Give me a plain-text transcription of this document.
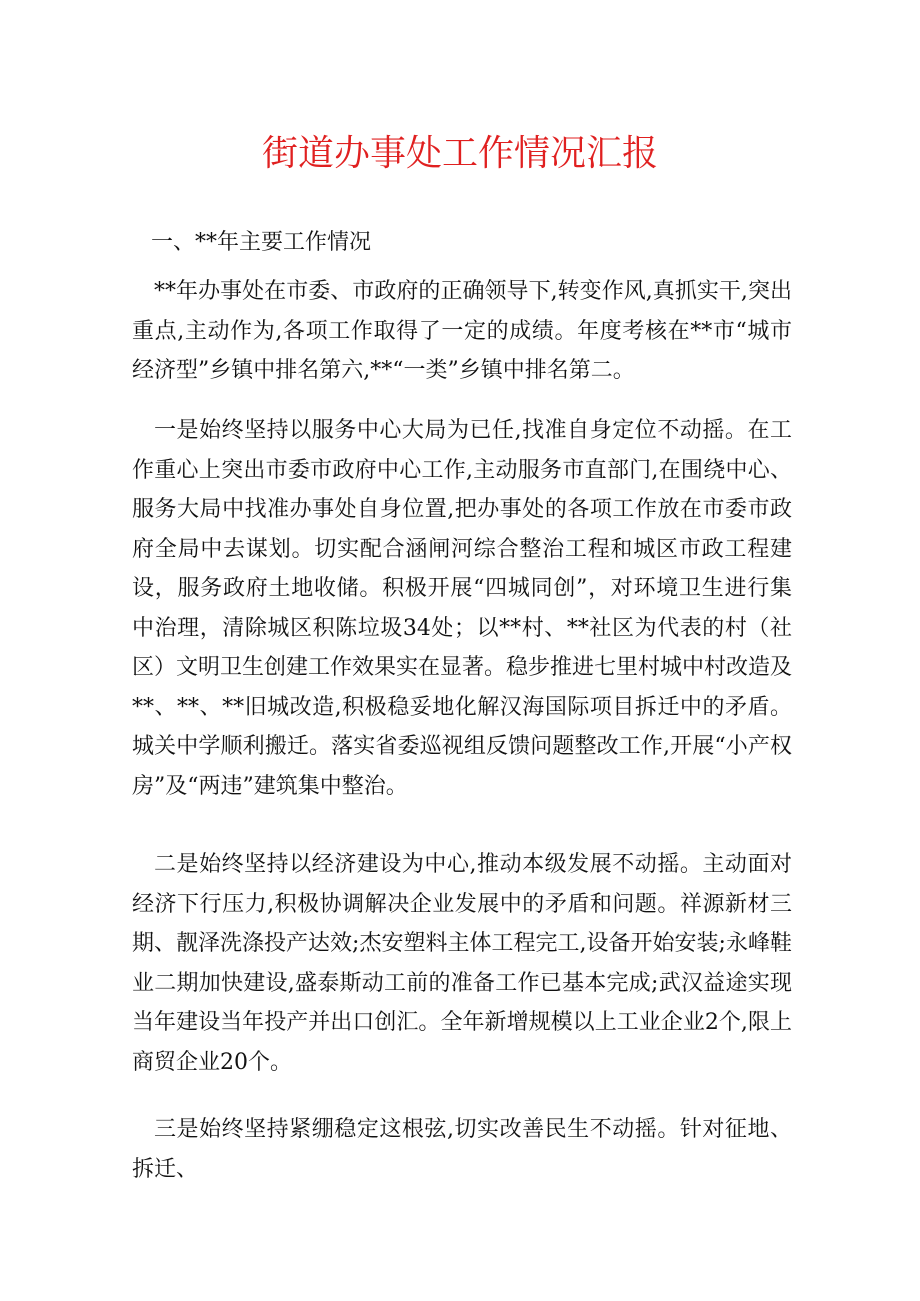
街道办事处工作情况汇报
一、**年主要工作情况

**年办事处在市委、市政府的正确领导下,转变作风,真抓实干,突出重点,主动作为,各项工作取得了一定的成绩。年度考核在**市“城市经济型”乡镇中排名第六,**“一类”乡镇中排名第二。

一是始终坚持以服务中心大局为已任,找准自身定位不动摇。在工作重心上突出市委市政府中心工作,主动服务市直部门,在围绕中心、服务大局中找准办事处自身位置,把办事处的各项工作放在市委市政府全局中去谋划。切实配合涵闸河综合整治工程和城区市政工程建设，服务政府土地收储。积极开展“四城同创”，对环境卫生进行集中治理，清除城区积陈垃圾34处；以**村、**社区为代表的村（社区）文明卫生创建工作效果实在显著。稳步推进七里村城中村改造及**、**、**旧城改造,积极稳妥地化解汉海国际项目拆迁中的矛盾。城关中学顺利搬迁。落实省委巡视组反馈问题整改工作,开展“小产权房”及“两违”建筑集中整治。

二是始终坚持以经济建设为中心,推动本级发展不动摇。主动面对经济下行压力,积极协调解决企业发展中的矛盾和问题。祥源新材三期、靓泽洗涤投产达效;杰安塑料主体工程完工,设备开始安装;永峰鞋业二期加快建设,盛泰斯动工前的准备工作已基本完成;武汉益途实现当年建设当年投产并出口创汇。全年新增规模以上工业企业2个,限上商贸企业20个。

三是始终坚持紧绷稳定这根弦,切实改善民生不动摇。针对征地、拆迁、
